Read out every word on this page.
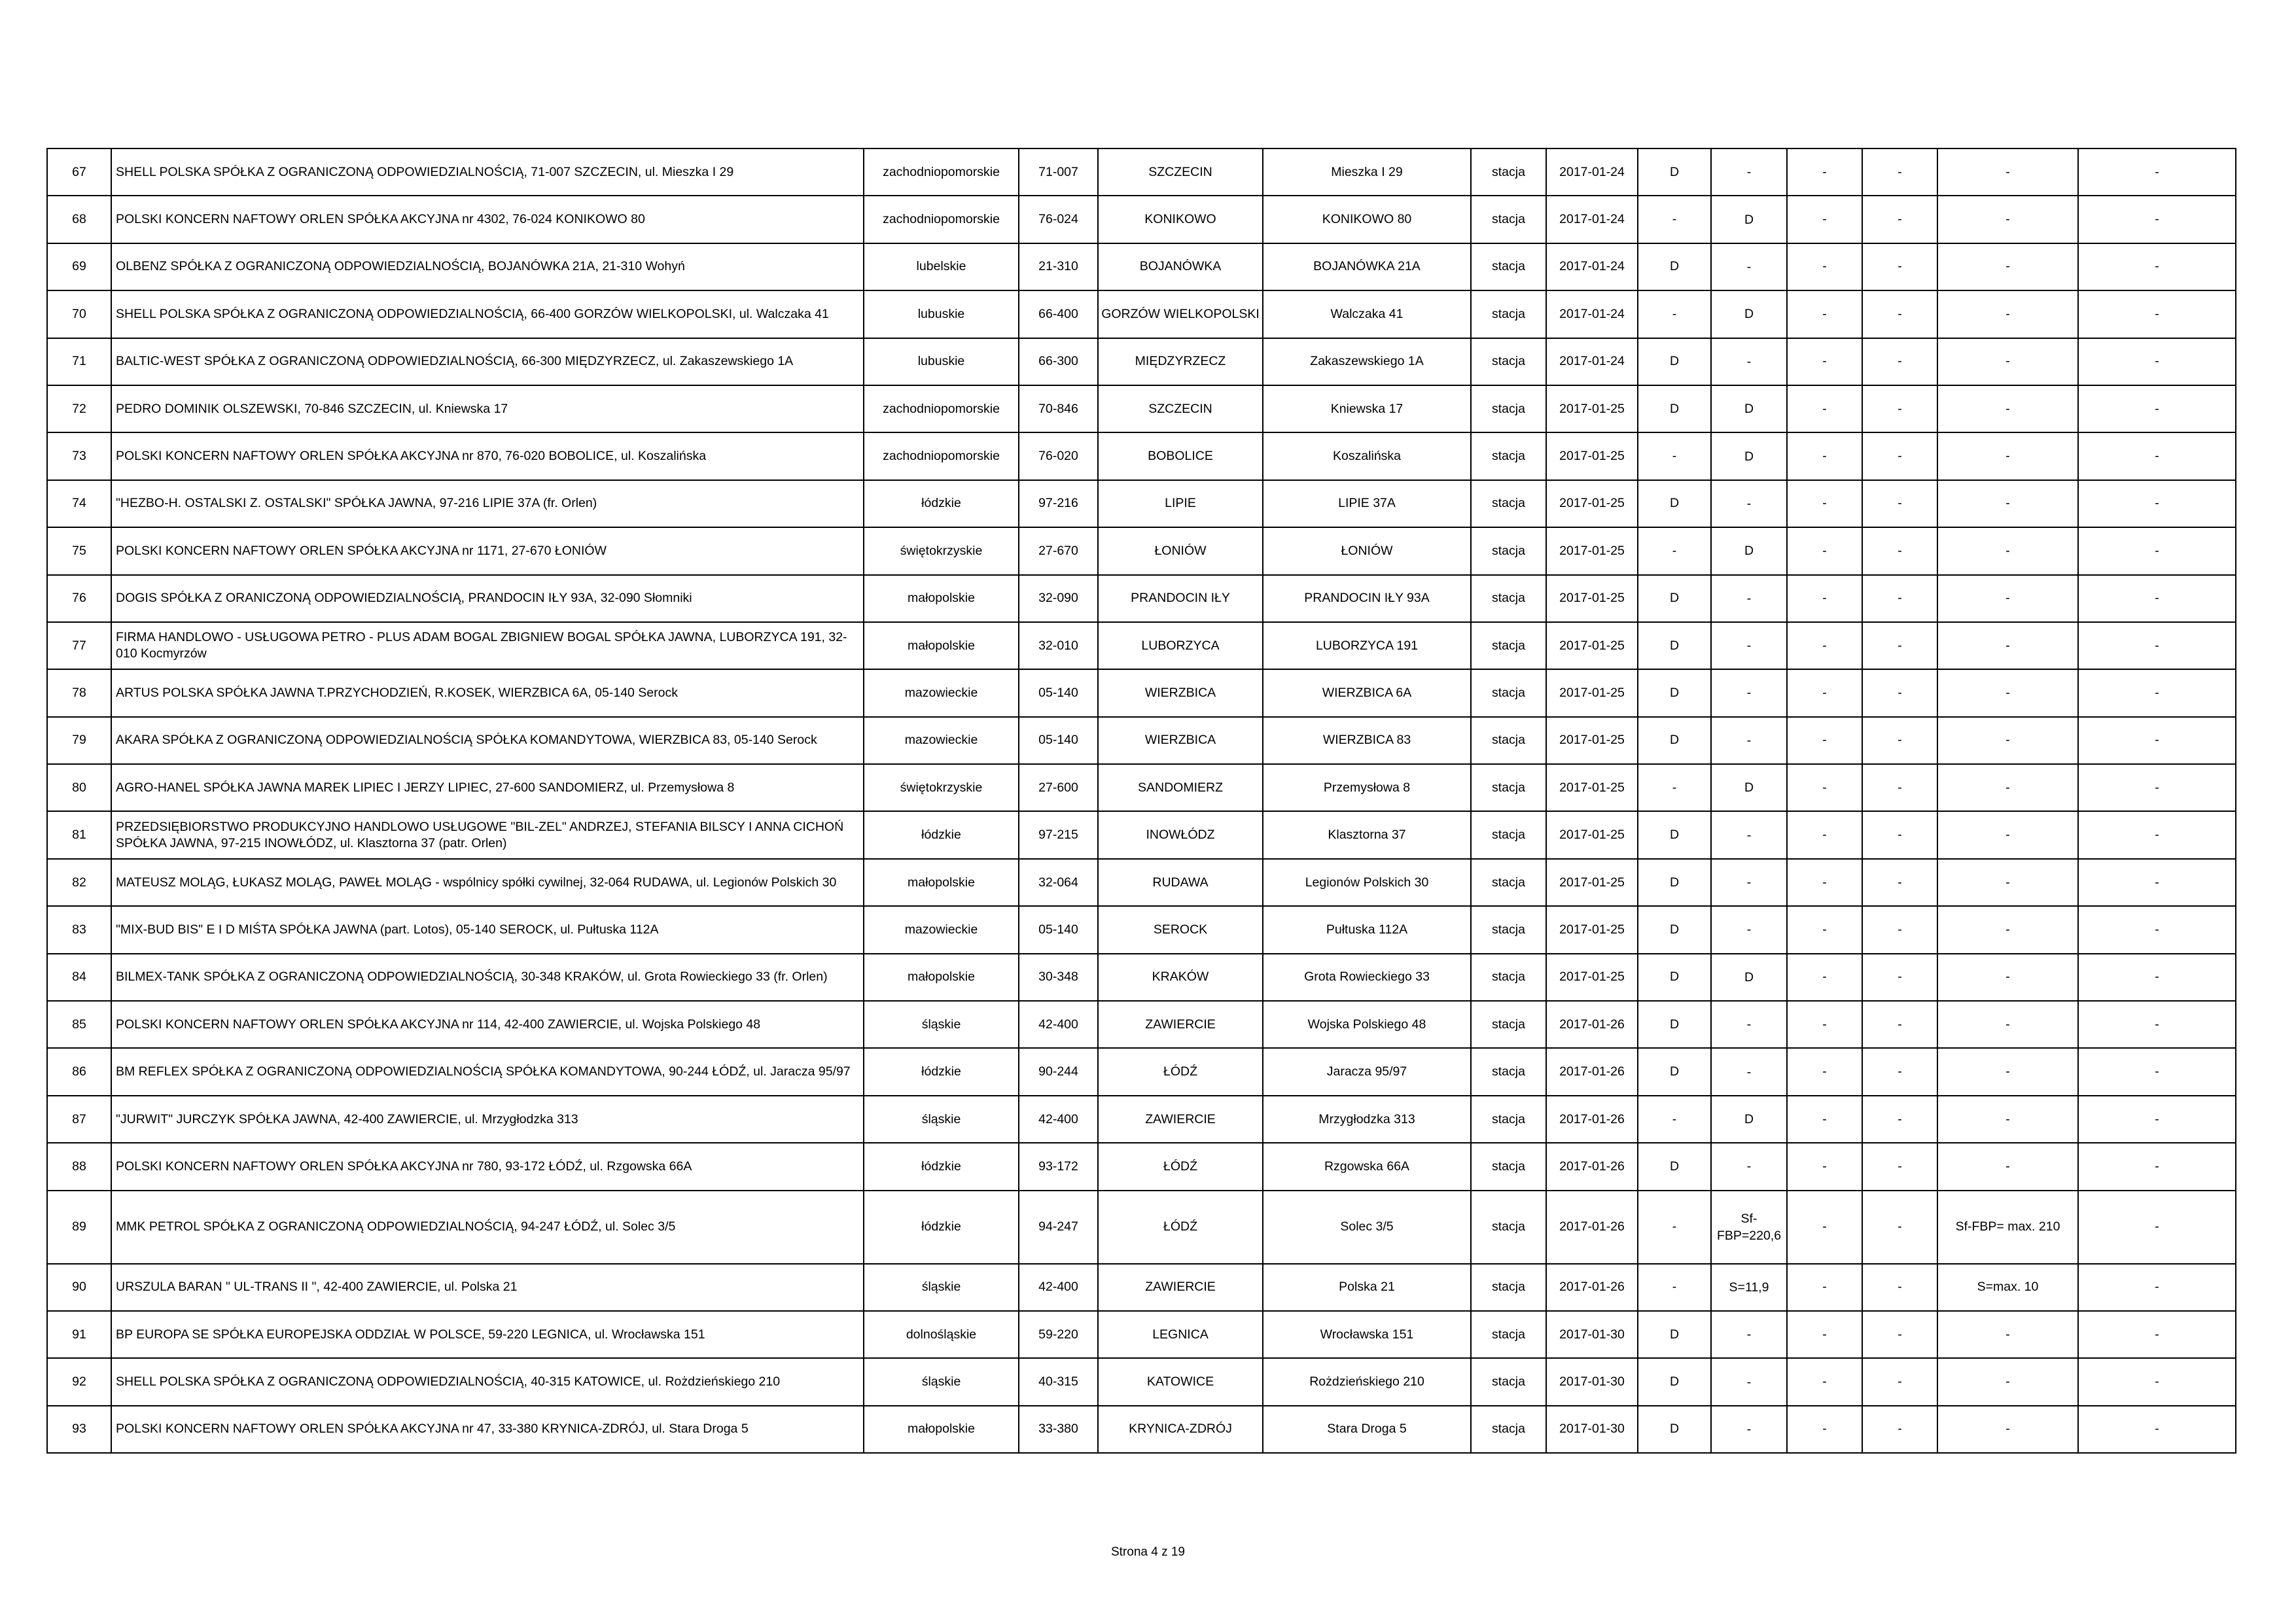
67	SHELL POLSKA SPÓŁKA Z OGRANICZONĄ ODPOWIEDZIALNOŚCIĄ, 71-007 SZCZECIN, ul. Mieszka I 29	zachodniopomorskie	71-007	SZCZECIN	Mieszka I 29	stacja	2017-01-24	D	-	-	-	-	-
68	POLSKI KONCERN NAFTOWY ORLEN SPÓŁKA AKCYJNA nr 4302, 76-024 KONIKOWO 80	zachodniopomorskie	76-024	KONIKOWO	KONIKOWO 80	stacja	2017-01-24	-	D	-	-	-	-
69	OLBENZ SPÓŁKA Z OGRANICZONĄ ODPOWIEDZIALNOŚCIĄ, BOJANÓWKA 21A, 21-310 Wohyń	lubelskie	21-310	BOJANÓWKA	BOJANÓWKA 21A	stacja	2017-01-24	D	-	-	-	-	-
70	SHELL POLSKA SPÓŁKA Z OGRANICZONĄ ODPOWIEDZIALNOŚCIĄ, 66-400 GORZÓW WIELKOPOLSKI, ul. Walczaka 41	lubuskie	66-400	GORZÓW WIELKOPOLSKI	Walczaka 41	stacja	2017-01-24	-	D	-	-	-	-
71	BALTIC-WEST SPÓŁKA Z OGRANICZONĄ ODPOWIEDZIALNOŚCIĄ, 66-300 MIĘDZYRZECZ, ul. Zakaszewskiego 1A	lubuskie	66-300	MIĘDZYRZECZ	Zakaszewskiego 1A	stacja	2017-01-24	D	-	-	-	-	-
72	PEDRO DOMINIK OLSZEWSKI, 70-846 SZCZECIN, ul. Kniewska 17	zachodniopomorskie	70-846	SZCZECIN	Kniewska 17	stacja	2017-01-25	D	D	-	-	-	-
73	POLSKI KONCERN NAFTOWY ORLEN SPÓŁKA AKCYJNA nr 870, 76-020 BOBOLICE, ul. Koszalińska	zachodniopomorskie	76-020	BOBOLICE	Koszalińska	stacja	2017-01-25	-	D	-	-	-	-
74	"HEZBO-H. OSTALSKI Z. OSTALSKI" SPÓŁKA JAWNA, 97-216 LIPIE 37A (fr. Orlen)	łódzkie	97-216	LIPIE	LIPIE 37A	stacja	2017-01-25	D	-	-	-	-	-
75	POLSKI KONCERN NAFTOWY ORLEN SPÓŁKA AKCYJNA nr 1171, 27-670 ŁONIÓW	świętokrzyskie	27-670	ŁONIÓW	ŁONIÓW	stacja	2017-01-25	-	D	-	-	-	-
76	DOGIS SPÓŁKA Z ORANICZONĄ ODPOWIEDZIALNOŚCIĄ, PRANDOCIN IŁY 93A, 32-090 Słomniki	małopolskie	32-090	PRANDOCIN IŁY	PRANDOCIN IŁY 93A	stacja	2017-01-25	D	-	-	-	-	-
77	FIRMA HANDLOWO - USŁUGOWA PETRO - PLUS ADAM BOGAL ZBIGNIEW BOGAL SPÓŁKA JAWNA, LUBORZYCA 191, 32-010 Kocmyrzów	małopolskie	32-010	LUBORZYCA	LUBORZYCA 191	stacja	2017-01-25	D	-	-	-	-	-
78	ARTUS POLSKA SPÓŁKA JAWNA T.PRZYCHODZIEŃ, R.KOSEK, WIERZBICA 6A, 05-140 Serock	mazowieckie	05-140	WIERZBICA	WIERZBICA 6A	stacja	2017-01-25	D	-	-	-	-	-
79	AKARA SPÓŁKA Z OGRANICZONĄ ODPOWIEDZIALNOŚCIĄ SPÓŁKA KOMANDYTOWA, WIERZBICA 83, 05-140 Serock	mazowieckie	05-140	WIERZBICA	WIERZBICA 83	stacja	2017-01-25	D	-	-	-	-	-
80	AGRO-HANEL SPÓŁKA JAWNA MAREK LIPIEC I JERZY LIPIEC, 27-600 SANDOMIERZ, ul. Przemysłowa 8	świętokrzyskie	27-600	SANDOMIERZ	Przemysłowa 8	stacja	2017-01-25	-	D	-	-	-	-
81	PRZEDSIĘBIORSTWO PRODUKCYJNO HANDLOWO USŁUGOWE "BIL-ZEL" ANDRZEJ, STEFANIA BILSCY I ANNA CICHOŃ SPÓŁKA JAWNA, 97-215 INOWŁÓDZ, ul. Klasztorna 37 (patr. Orlen)	łódzkie	97-215	INOWŁÓDZ	Klasztorna 37	stacja	2017-01-25	D	-	-	-	-	-
82	MATEUSZ MOLĄG, ŁUKASZ MOLĄG, PAWEŁ MOLĄG - wspólnicy spółki cywilnej, 32-064 RUDAWA, ul. Legionów Polskich 30	małopolskie	32-064	RUDAWA	Legionów Polskich 30	stacja	2017-01-25	D	-	-	-	-	-
83	"MIX-BUD BIS" E I D MIŚTA SPÓŁKA JAWNA (part. Lotos), 05-140 SEROCK, ul. Pułtuska 112A	mazowieckie	05-140	SEROCK	Pułtuska 112A	stacja	2017-01-25	D	-	-	-	-	-
84	BILMEX-TANK SPÓŁKA Z OGRANICZONĄ ODPOWIEDZIALNOŚCIĄ, 30-348 KRAKÓW, ul. Grota Rowieckiego 33 (fr. Orlen)	małopolskie	30-348	KRAKÓW	Grota Rowieckiego 33	stacja	2017-01-25	D	D	-	-	-	-
85	POLSKI KONCERN NAFTOWY ORLEN SPÓŁKA AKCYJNA nr 114, 42-400 ZAWIERCIE, ul. Wojska Polskiego 48	śląskie	42-400	ZAWIERCIE	Wojska Polskiego 48	stacja	2017-01-26	D	-	-	-	-	-
86	BM REFLEX SPÓŁKA Z OGRANICZONĄ ODPOWIEDZIALNOŚCIĄ SPÓŁKA KOMANDYTOWA, 90-244 ŁÓDŹ, ul. Jaracza 95/97	łódzkie	90-244	ŁÓDŹ	Jaracza 95/97	stacja	2017-01-26	D	-	-	-	-	-
87	"JURWIT" JURCZYK SPÓŁKA JAWNA, 42-400 ZAWIERCIE, ul. Mrzygłodzka 313	śląskie	42-400	ZAWIERCIE	Mrzygłodzka 313	stacja	2017-01-26	-	D	-	-	-	-
88	POLSKI KONCERN NAFTOWY ORLEN SPÓŁKA AKCYJNA nr 780, 93-172 ŁÓDŹ, ul. Rzgowska 66A	łódzkie	93-172	ŁÓDŹ	Rzgowska 66A	stacja	2017-01-26	D	-	-	-	-	-
89	MMK PETROL SPÓŁKA Z OGRANICZONĄ ODPOWIEDZIALNOŚCIĄ, 94-247 ŁÓDŹ, ul. Solec 3/5	łódzkie	94-247	ŁÓDŹ	Solec 3/5	stacja	2017-01-26	-	Sf-FBP=220,6	-	-	Sf-FBP= max. 210	-
90	URSZULA BARAN " UL-TRANS II ", 42-400 ZAWIERCIE, ul. Polska 21	śląskie	42-400	ZAWIERCIE	Polska 21	stacja	2017-01-26	-	S=11,9	-	-	S=max. 10	-
91	BP EUROPA SE SPÓŁKA EUROPEJSKA ODDZIAŁ W POLSCE, 59-220 LEGNICA, ul. Wrocławska 151	dolnośląskie	59-220	LEGNICA	Wrocławska 151	stacja	2017-01-30	D	-	-	-	-	-
92	SHELL POLSKA SPÓŁKA Z OGRANICZONĄ ODPOWIEDZIALNOŚCIĄ, 40-315 KATOWICE, ul. Rożdzieńskiego 210	śląskie	40-315	KATOWICE	Rożdzieńskiego 210	stacja	2017-01-30	D	-	-	-	-	-
93	POLSKI KONCERN NAFTOWY ORLEN SPÓŁKA AKCYJNA nr 47, 33-380 KRYNICA-ZDRÓJ, ul. Stara Droga 5	małopolskie	33-380	KRYNICA-ZDRÓJ	Stara Droga 5	stacja	2017-01-30	D	-	-	-	-	-
Strona 4 z 19
